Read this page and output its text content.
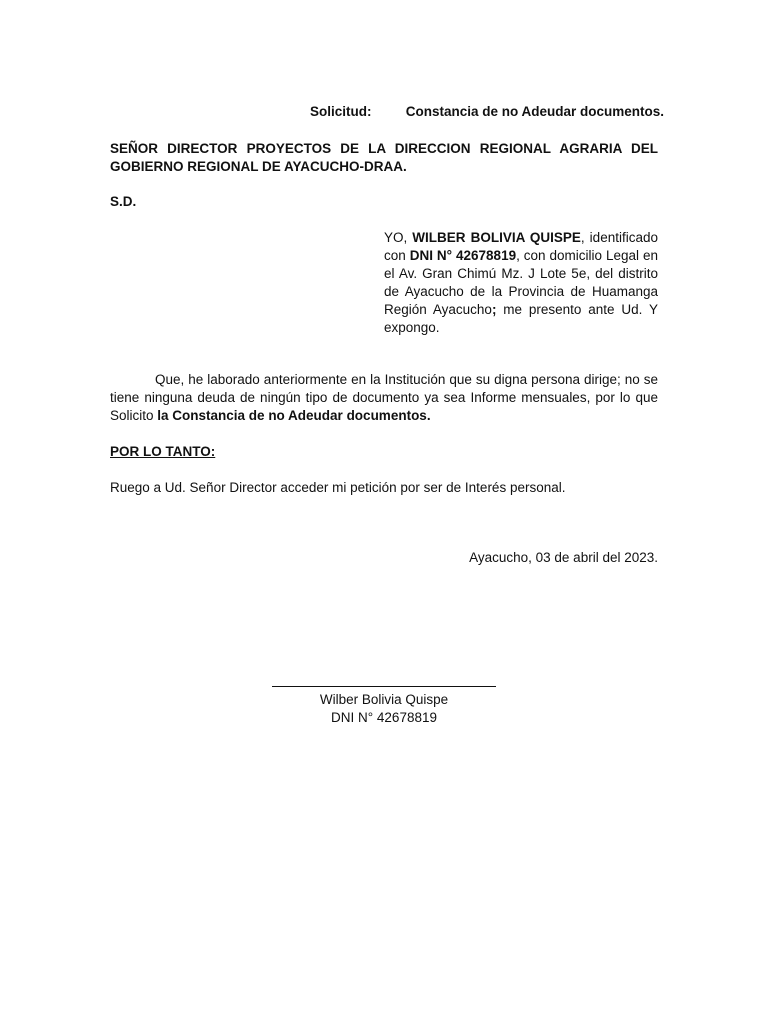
Solicitud:	Constancia de no Adeudar documentos.
SEÑOR DIRECTOR PROYECTOS DE LA DIRECCION REGIONAL AGRARIA DEL GOBIERNO REGIONAL DE AYACUCHO-DRAA.
S.D.
YO, WILBER BOLIVIA QUISPE, identificado con DNI N° 42678819, con domicilio Legal en el Av. Gran Chimú Mz. J Lote 5e, del distrito de Ayacucho de la Provincia de Huamanga Región Ayacucho; me presento ante Ud. Y expongo.
Que, he laborado anteriormente en la Institución que su digna persona dirige; no se tiene ninguna deuda de ningún tipo de documento ya sea Informe mensuales, por lo que Solicito la Constancia de no Adeudar documentos.
POR LO TANTO:
Ruego a Ud. Señor Director acceder mi petición por ser de Interés personal.
Ayacucho, 03 de abril del 2023.
Wilber Bolivia Quispe
DNI N° 42678819
